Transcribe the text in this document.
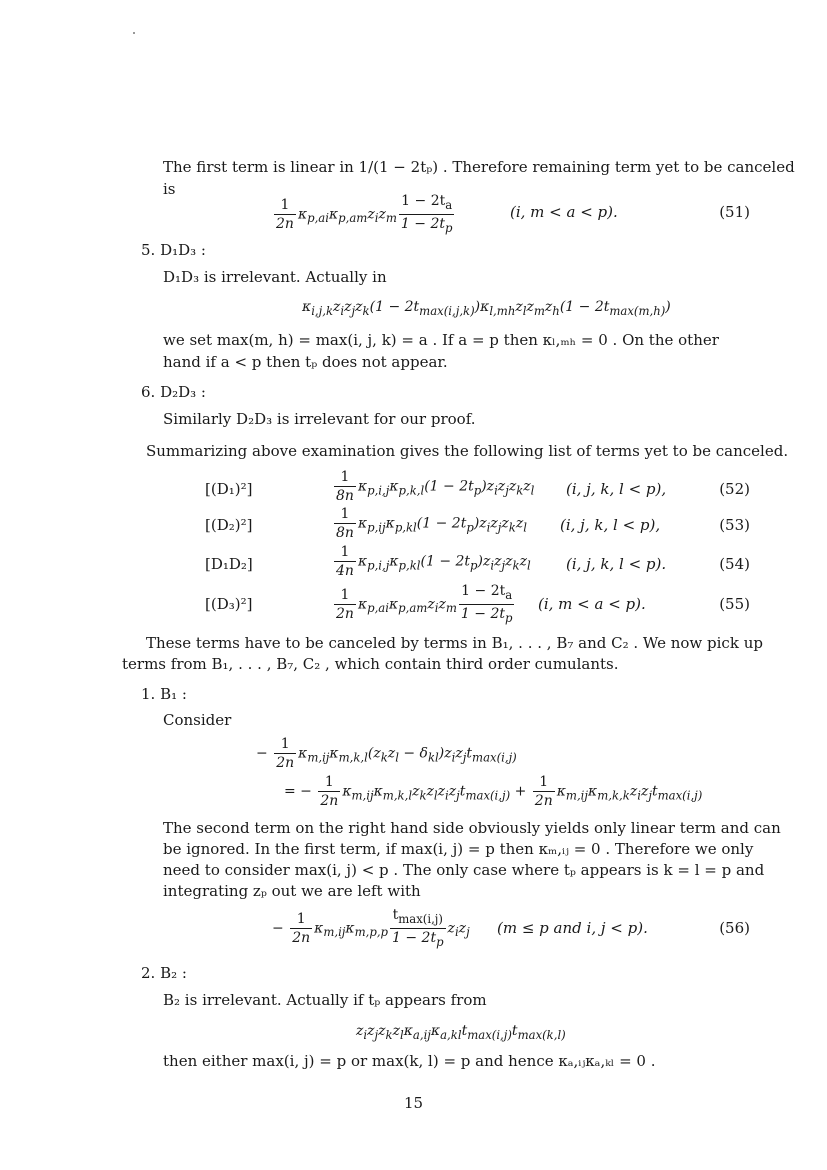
The first term is linear in 1/(1 − 2tₚ) . Therefore remaining term yet to be canceled
is
$\frac{1}{2n} \kappa_{p,ai}\kappa_{p,am}z_iz_m \frac{1 - 2t_a}{1 - 2t_p}$	(i, m < a < p).	(51)
5. D₁D₃ :
D₁D₃ is irrelevant. Actually in
$\kappa_{i,j,k}z_iz_jz_k(1 - 2t_{max(i,j,k)})\kappa_{l,mh}z_lz_mz_h(1 - 2t_{max(m,h)})$
we set max(m, h) = max(i, j, k) = a . If a = p then κₗ,ₘₕ = 0 . On the other
hand if a < p then tₚ does not appear.
6. D₂D₃ :
Similarly D₂D₃ is irrelevant for our proof.
Summarizing above examination gives the following list of terms yet to be canceled.
[(D₁)²]	$\frac{1}{8n} \kappa_{p,i,j}\kappa_{p,k,l}(1 - 2t_p)z_iz_jz_kz_l$ (i, j, k, l < p),	(52)
[(D₂)²]	$\frac{1}{8n} \kappa_{p,ij}\kappa_{p,kl}(1 - 2t_p)z_iz_jz_kz_l$ (i, j, k, l < p),	(53)
[D₁D₂]	$\frac{1}{4n} \kappa_{p,i,j}\kappa_{p,kl}(1 - 2t_p)z_iz_jz_kz_l$ (i, j, k, l < p).	(54)
[(D₃)²]	$\frac{1}{2n} \kappa_{p,ai}\kappa_{p,am}z_iz_m \frac{1 - 2t_a}{1 - 2t_p} (i$, m < a < p).	(55)
These terms have to be canceled by terms in B₁, . . . , B₇ and C₂ . We now pick up
terms from B₁, . . . , B₇, C₂ , which contain third order cumulants.
1. B₁ :
Consider
− $\frac{1}{2n} \kappa_{m,ij}\kappa_{m,k,l}(z_kz_l - \delta_{kl})z_iz_jt_{max(i,j)}$
= − $\frac{1}{2n} \kappa_{m,ij}\kappa_{m,k,l}z_kz_lz_iz_jt_{max(i,j)} + \frac{1}{2n} \kappa_{m,ij}\kappa_{m,k,k}z_iz_jt_{max(i,j)}$
The second term on the right hand side obviously yields only linear term and can
be ignored. In the first term, if max(i, j) = p then κₘ,ᵢⱼ = 0 . Therefore we only
need to consider max(i, j) < p . The only case where tₚ appears is k = l = p and
integrating zₚ out we are left with
− $\frac{1}{2n} \kappa_{m,ij}\kappa_{m,p,p} \frac{t_{max(i,j)}}{1 - 2t_p} z_iz_j$ (m ≤ p and i, j < p).	(56)
2. B₂ :
B₂ is irrelevant. Actually if tₚ appears from
$z_iz_jz_kz_l\kappa_{a,ij}\kappa_{a,kl}t_{max(i,j)}t_{max(k,l)}$
then either max(i, j) = p or max(k, l) = p and hence κₐ,ᵢⱼκₐ,ₖₗ = 0 .
15
